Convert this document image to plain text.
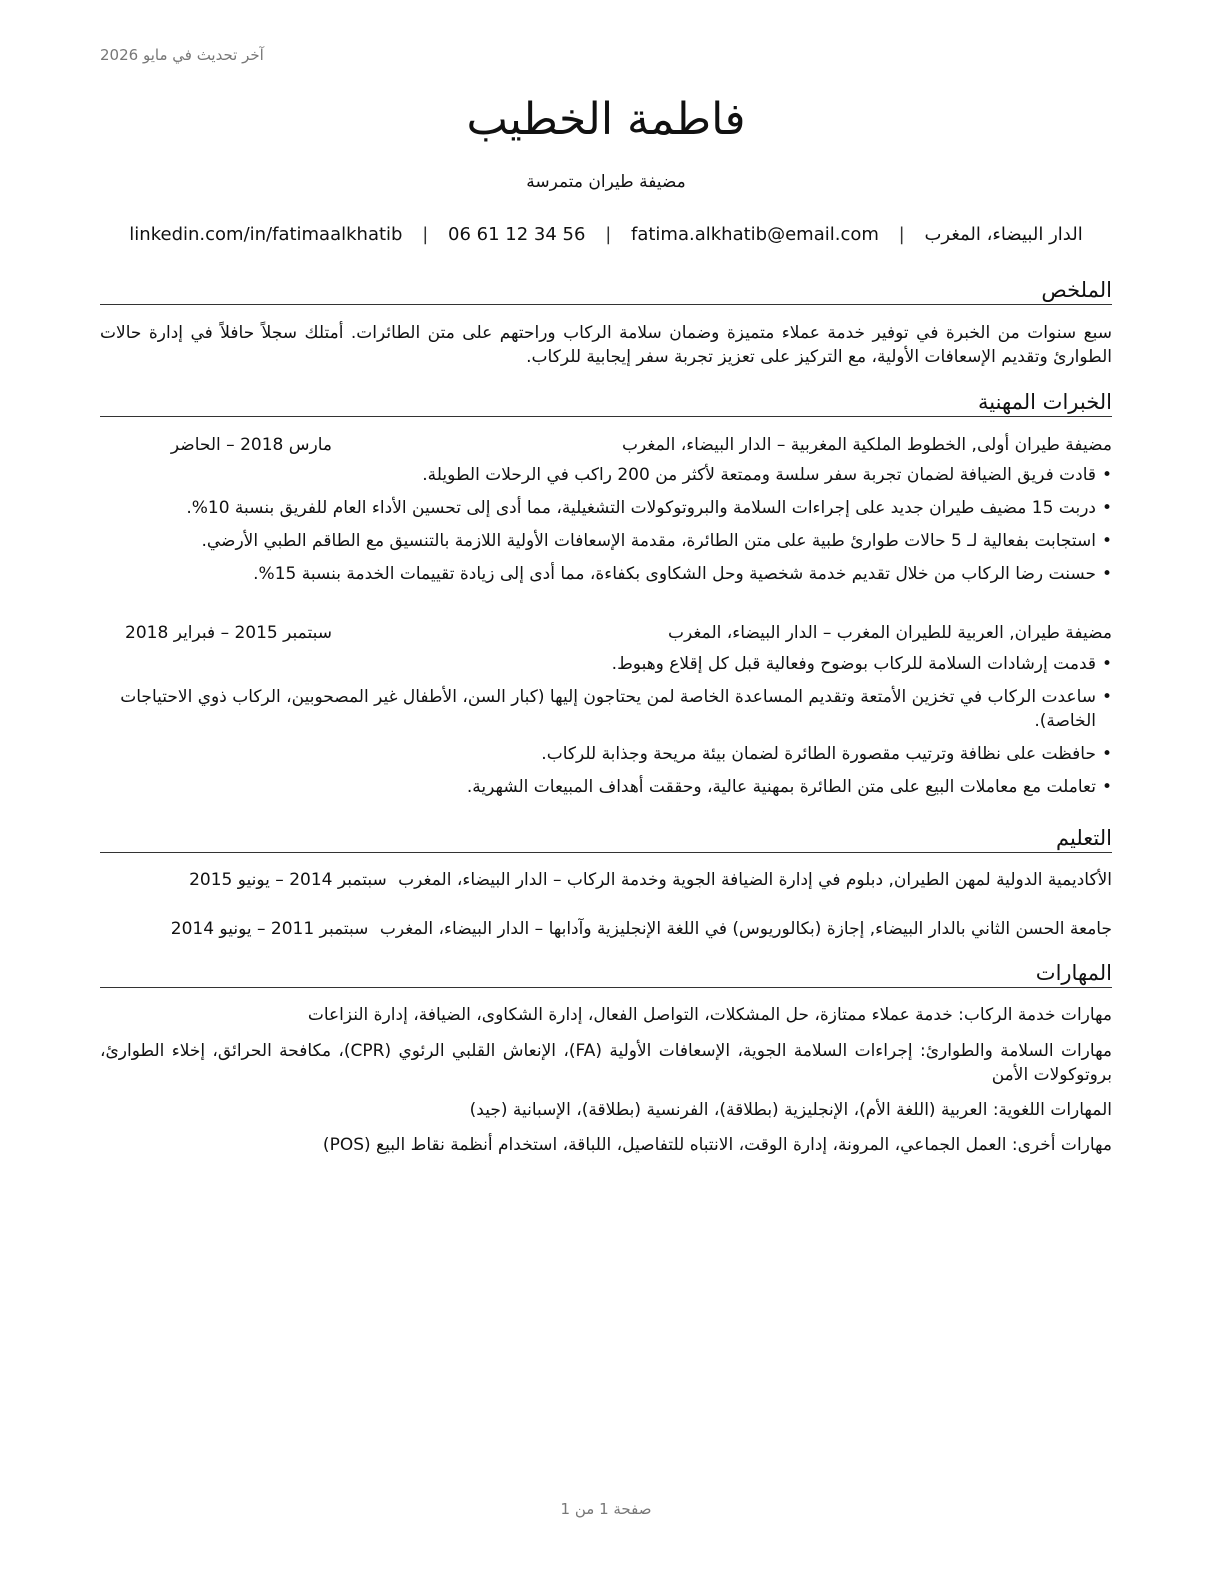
آخر تحديث في مايو 2026
فاطمة الخطيب
مضيفة طيران متمرسة
الدار البيضاء، المغرب | fatima.alkhatib@email.com | 06 61 12 34 56 | linkedin.com/in/fatimaalkhatib
الملخص
سبع سنوات من الخبرة في توفير خدمة عملاء متميزة وضمان سلامة الركاب وراحتهم على متن الطائرات. أمتلك سجلاً حافلاً في إدارة حالات الطوارئ وتقديم الإسعافات الأولية، مع التركيز على تعزيز تجربة سفر إيجابية للركاب.
الخبرات المهنية
مضيفة طيران أولى, الخطوط الملكية المغربية – الدار البيضاء، المغرب
مارس 2018 – الحاضر
• قادت فريق الضيافة لضمان تجربة سفر سلسة وممتعة لأكثر من 200 راكب في الرحلات الطويلة.
• دربت 15 مضيف طيران جديد على إجراءات السلامة والبروتوكولات التشغيلية، مما أدى إلى تحسين الأداء العام للفريق بنسبة 10%.
• استجابت بفعالية لـ 5 حالات طوارئ طبية على متن الطائرة، مقدمة الإسعافات الأولية اللازمة بالتنسيق مع الطاقم الطبي الأرضي.
• حسنت رضا الركاب من خلال تقديم خدمة شخصية وحل الشكاوى بكفاءة، مما أدى إلى زيادة تقييمات الخدمة بنسبة 15%.
مضيفة طيران, العربية للطيران المغرب – الدار البيضاء، المغرب
سبتمبر 2015 – فبراير 2018
• قدمت إرشادات السلامة للركاب بوضوح وفعالية قبل كل إقلاع وهبوط.
• ساعدت الركاب في تخزين الأمتعة وتقديم المساعدة الخاصة لمن يحتاجون إليها (كبار السن، الأطفال غير المصحوبين، الركاب ذوي الاحتياجات الخاصة).
• حافظت على نظافة وترتيب مقصورة الطائرة لضمان بيئة مريحة وجذابة للركاب.
• تعاملت مع معاملات البيع على متن الطائرة بمهنية عالية، وحققت أهداف المبيعات الشهرية.
التعليم
الأكاديمية الدولية لمهن الطيران, دبلوم في إدارة الضيافة الجوية وخدمة الركاب – الدار البيضاء، المغرب سبتمبر 2014 – يونيو 2015
جامعة الحسن الثاني بالدار البيضاء, إجازة (بكالوريوس) في اللغة الإنجليزية وآدابها – الدار البيضاء، المغرب سبتمبر 2011 – يونيو 2014
المهارات
مهارات خدمة الركاب: خدمة عملاء ممتازة، حل المشكلات، التواصل الفعال، إدارة الشكاوى، الضيافة، إدارة النزاعات
مهارات السلامة والطوارئ: إجراءات السلامة الجوية، الإسعافات الأولية (FA)، الإنعاش القلبي الرئوي (CPR)، مكافحة الحرائق، إخلاء الطوارئ، بروتوكولات الأمن
المهارات اللغوية: العربية (اللغة الأم)، الإنجليزية (بطلاقة)، الفرنسية (بطلاقة)، الإسبانية (جيد)
مهارات أخرى: العمل الجماعي، المرونة، إدارة الوقت، الانتباه للتفاصيل، اللباقة، استخدام أنظمة نقاط البيع (POS)
صفحة 1 من 1
